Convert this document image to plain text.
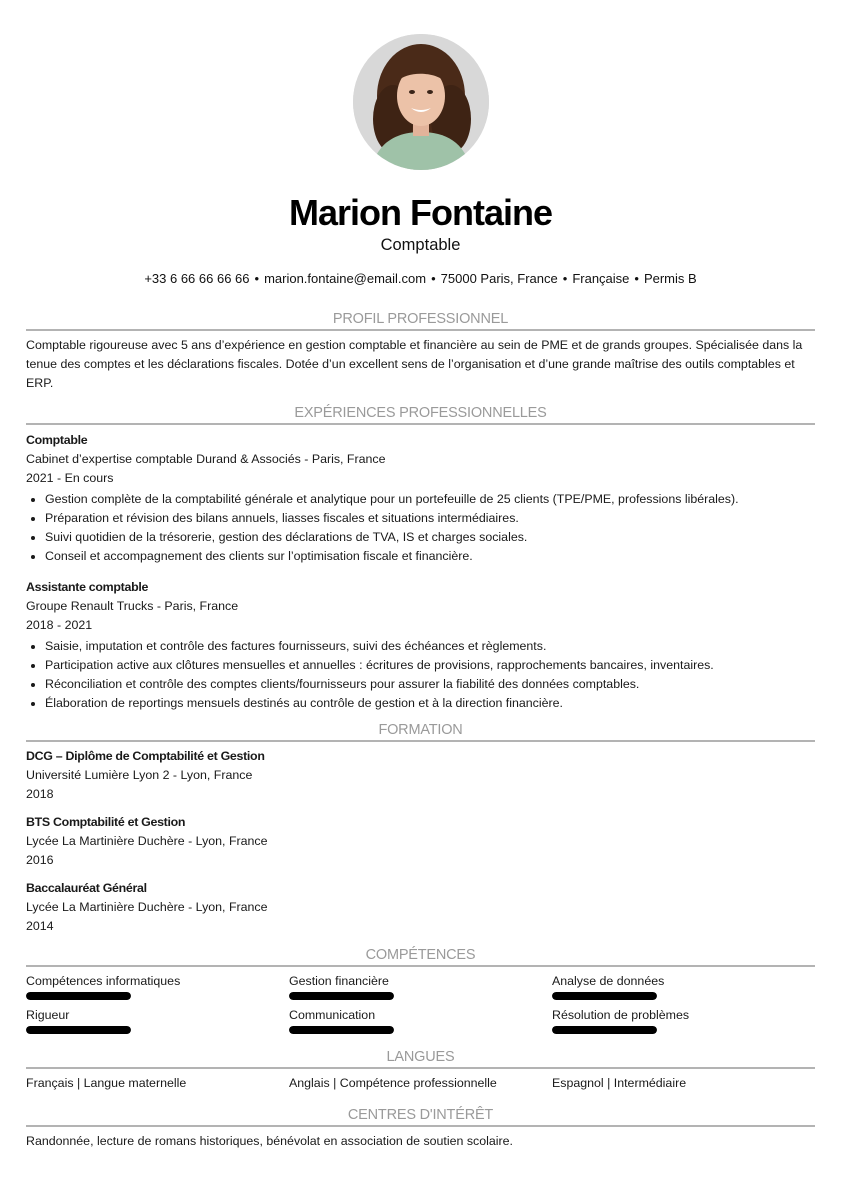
Marion Fontaine
Comptable
+33 6 66 66 66 66 • marion.fontaine@email.com • 75000 Paris, France • Française • Permis B
PROFIL PROFESSIONNEL
Comptable rigoureuse avec 5 ans d’expérience en gestion comptable et financière au sein de PME et de grands groupes. Spécialisée dans la tenue des comptes et les déclarations fiscales. Dotée d’un excellent sens de l’organisation et d’une grande maîtrise des outils comptables et ERP.
EXPÉRIENCES PROFESSIONNELLES
Comptable
Cabinet d’expertise comptable Durand & Associés - Paris, France
2021 - En cours
Gestion complète de la comptabilité générale et analytique pour un portefeuille de 25 clients (TPE/PME, professions libérales).
Préparation et révision des bilans annuels, liasses fiscales et situations intermédiaires.
Suivi quotidien de la trésorerie, gestion des déclarations de TVA, IS et charges sociales.
Conseil et accompagnement des clients sur l’optimisation fiscale et financière.
Assistante comptable
Groupe Renault Trucks - Paris, France
2018 - 2021
Saisie, imputation et contrôle des factures fournisseurs, suivi des échéances et règlements.
Participation active aux clôtures mensuelles et annuelles : écritures de provisions, rapprochements bancaires, inventaires.
Réconciliation et contrôle des comptes clients/fournisseurs pour assurer la fiabilité des données comptables.
Élaboration de reportings mensuels destinés au contrôle de gestion et à la direction financière.
FORMATION
DCG – Diplôme de Comptabilité et Gestion
Université Lumière Lyon 2 - Lyon, France
2018
BTS Comptabilité et Gestion
Lycée La Martinière Duchère - Lyon, France
2016
Baccalauréat Général
Lycée La Martinière Duchère - Lyon, France
2014
COMPÉTENCES
Compétences informatiques	Gestion financière	Analyse de données
Rigueur	Communication	Résolution de problèmes
LANGUES
Français | Langue maternelle	Anglais | Compétence professionnelle	Espagnol | Intermédiaire
CENTRES D'INTÉRÊT
Randonnée, lecture de romans historiques, bénévolat en association de soutien scolaire.
